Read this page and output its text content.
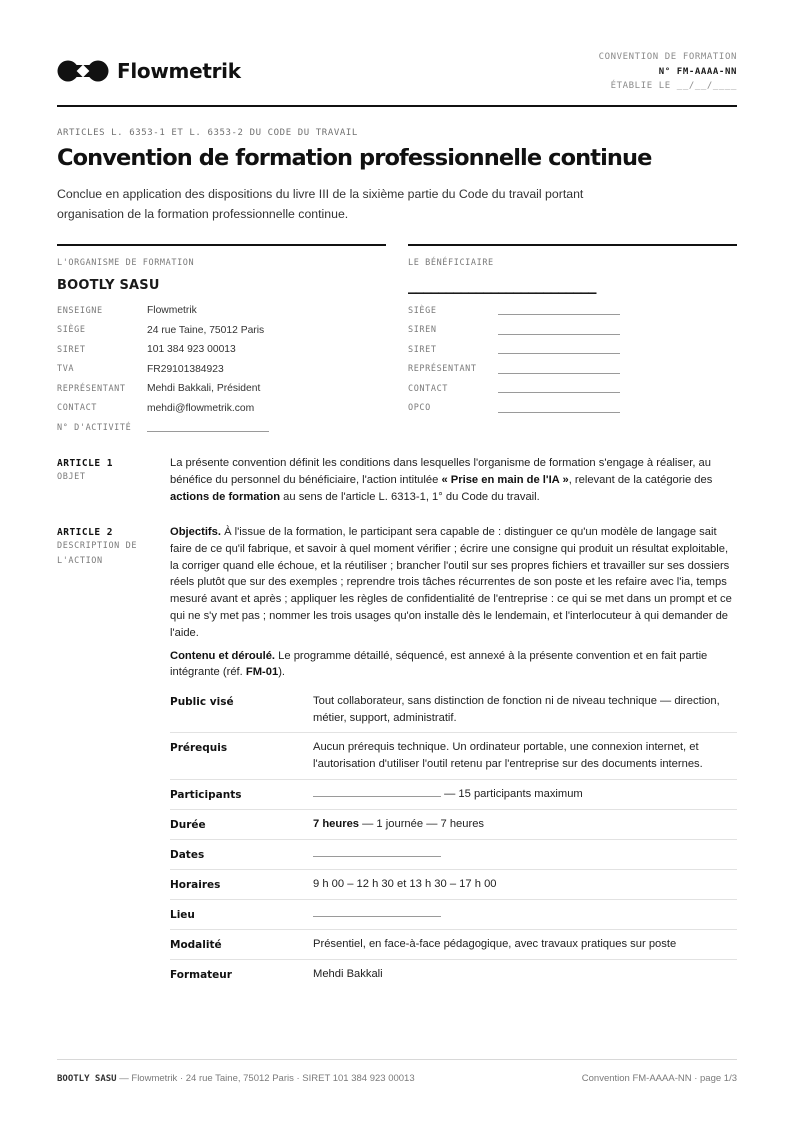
Flowmetrik
CONVENTION DE FORMATION
N° FM-AAAA-NN
ÉTABLIE LE __/__/____
ARTICLES L. 6353-1 ET L. 6353-2 DU CODE DU TRAVAIL
Convention de formation professionnelle continue

Conclue en application des dispositions du livre III de la sixième partie du Code du travail portant organisation de la formation professionnelle continue.

L'ORGANISME DE FORMATION
BOOTLY SASU
ENSEIGNE	Flowmetrik
SIÈGE	24 rue Taine, 75012 Paris
SIRET	101 384 923 00013
TVA	FR29101384923
REPRÉSENTANT	Mehdi Bakkali, Président
CONTACT	mehdi@flowmetrik.com
N° D'ACTIVITÉ
LE BÉNÉFICIAIRE
_________________________
SIÈGE
SIREN
SIRET
REPRÉSENTANT
CONTACT
OPCO
ARTICLE 1
OBJET

La présente convention définit les conditions dans lesquelles l'organisme de formation s'engage à réaliser, au bénéfice du personnel du bénéficiaire, l'action intitulée « Prise en main de l'IA », relevant de la catégorie des actions de formation au sens de l'article L. 6313-1, 1° du Code du travail.

ARTICLE 2
DESCRIPTION DE
L'ACTION

Objectifs. À l'issue de la formation, le participant sera capable de : distinguer ce qu'un modèle de langage sait faire de ce qu'il fabrique, et savoir à quel moment vérifier ; écrire une consigne qui produit un résultat exploitable, la corriger quand elle échoue, et la réutiliser ; brancher l'outil sur ses propres fichiers et travailler sur ses dossiers réels plutôt que sur des exemples ; reprendre trois tâches récurrentes de son poste et les refaire avec l'ia, temps mesuré avant et après ; appliquer les règles de confidentialité de l'entreprise : ce qui se met dans un prompt et ce qui ne s'y met pas ; nommer les trois usages qu'on installe dès le lendemain, et l'interlocuteur à qui demander de l'aide.

Contenu et déroulé. Le programme détaillé, séquencé, est annexé à la présente convention et en fait partie intégrante (réf. FM-01).

Public visé	Tout collaborateur, sans distinction de fonction ni de niveau technique — direction, métier, support, administratif.
Prérequis	Aucun prérequis technique. Un ordinateur portable, une connexion internet, et l'autorisation d'utiliser l'outil retenu par l'entreprise sur des documents internes.
Participants	— 15 participants maximum
Durée	7 heures — 1 journée — 7 heures
Dates
Horaires	9 h 00 – 12 h 30 et 13 h 30 – 17 h 00
Lieu
Modalité	Présentiel, en face-à-face pédagogique, avec travaux pratiques sur poste
Formateur	Mehdi Bakkali
BOOTLY SASU — Flowmetrik · 24 rue Taine, 75012 Paris · SIRET 101 384 923 00013	Convention FM-AAAA-NN · page 1/3
